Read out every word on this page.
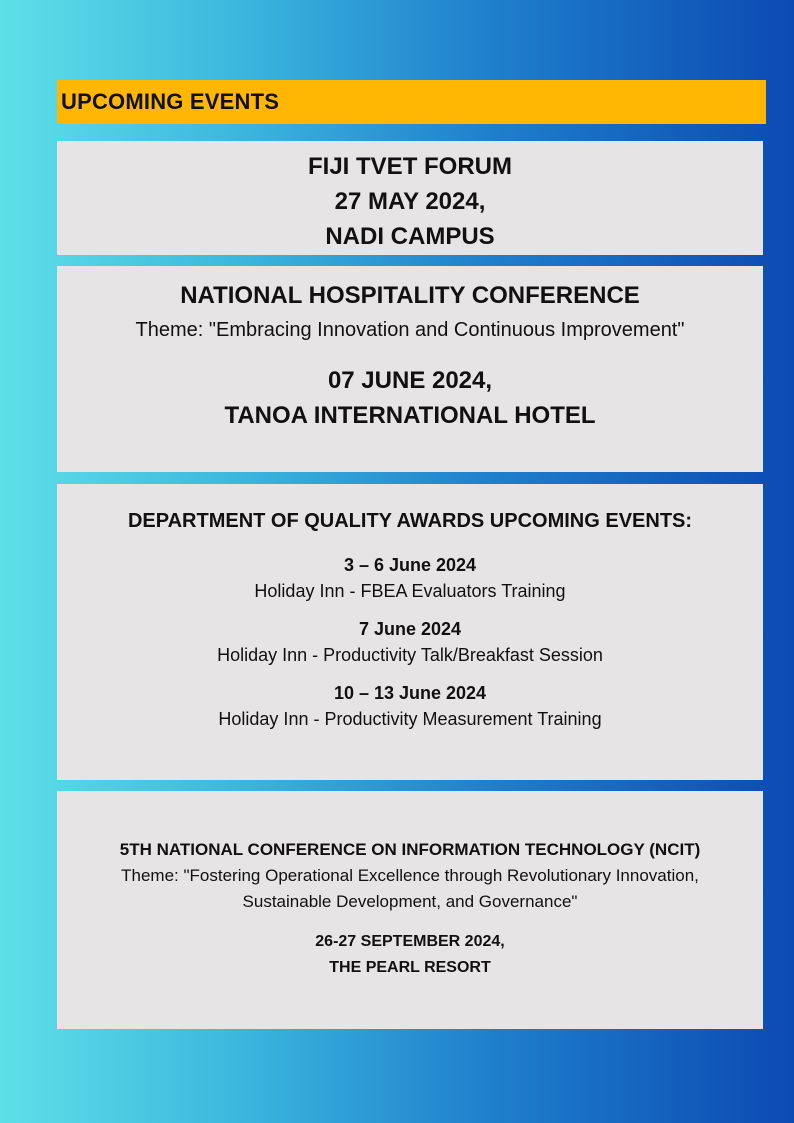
UPCOMING EVENTS
FIJI TVET FORUM
27 MAY 2024,
NADI CAMPUS
NATIONAL HOSPITALITY CONFERENCE
Theme: "Embracing Innovation and Continuous Improvement"
07 JUNE 2024,
TANOA INTERNATIONAL HOTEL
DEPARTMENT OF QUALITY AWARDS UPCOMING EVENTS:
3 – 6 June 2024
Holiday Inn - FBEA Evaluators Training
7 June 2024
Holiday Inn - Productivity Talk/Breakfast Session
10 – 13 June 2024
Holiday Inn - Productivity Measurement Training
5TH NATIONAL CONFERENCE ON INFORMATION TECHNOLOGY (NCIT)
Theme: "Fostering Operational Excellence through Revolutionary Innovation, Sustainable Development, and Governance"
26-27 SEPTEMBER 2024,
THE PEARL RESORT
